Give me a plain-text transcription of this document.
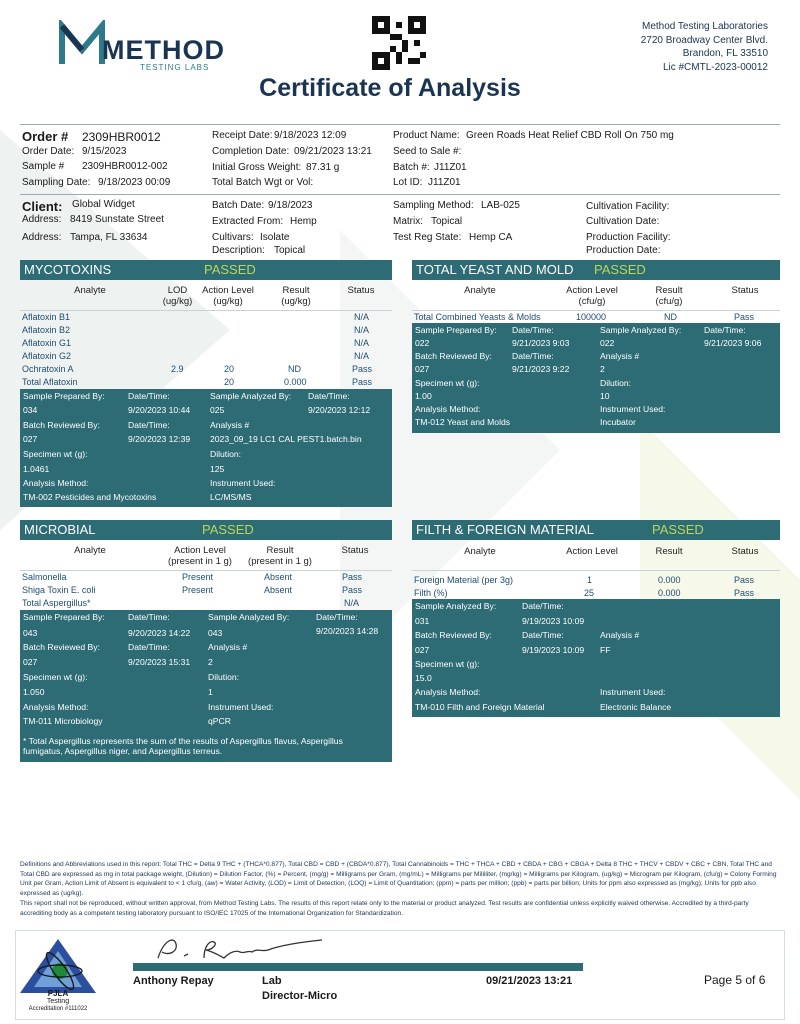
METHOD
TESTING LABS
Method Testing Laboratories
2720 Broadway Center Blvd.
Brandon, FL 33510
Lic #CMTL-2023-00012
Certificate of Analysis
Order # 2309HBR0012
Order Date: 9/15/2023
Sample # 2309HBR0012-002
Sampling Date: 9/18/2023 00:09
Receipt Date: 9/18/2023 12:09
Completion Date: 09/21/2023 13:21
Initial Gross Weight: 87.31 g
Total Batch Wgt or Vol:
Product Name: Green Roads Heat Relief CBD Roll On 750 mg
Seed to Sale #:
Batch #: J11Z01
Lot ID: J11Z01
Client: Global Widget
Address: 8419 Sunstate Street
Address: Tampa, FL 33634
Batch Date: 9/18/2023
Extracted From: Hemp
Cultivars: Isolate
Description: Topical
Sampling Method: LAB-025
Matrix: Topical
Test Reg State: Hemp CA
Cultivation Facility:
Cultivation Date:
Production Facility:
Production Date:
MYCOTOXINS	PASSED
Analyte	LOD
(ug/kg)
Action Level
(ug/kg)
Result
(ug/kg)
Status
Aflatoxin B1	N/A
Aflatoxin B2	N/A
Aflatoxin G1	N/A
Aflatoxin G2	N/A
Ochratoxin A	2.9	20	ND	Pass
Total Aflatoxin	20	0.000	Pass
Sample Prepared By:	Date/Time:	Sample Analyzed By: Date/Time:
034	9/20/2023 10:44 025	9/20/2023 12:12
Batch Reviewed By:	Date/Time:	Analysis #
027	9/20/2023 12:39 2023_09_19 LC1 CAL PEST1.batch.bin
Specimen wt (g):	Dilution:
1.0461	125
Analysis Method:	Instrument Used:
TM-002 Pesticides and Mycotoxins	LC/MS/MS
TOTAL YEAST AND MOLD PASSED
Analyte	Action Level
(cfu/g)
Result
(cfu/g)
Status
Total Combined Yeasts & Molds	100000	ND	Pass
Sample Prepared By: Date/Time:	Sample Analyzed By:	Date/Time:
022	9/21/2023 9:03	022	9/21/2023 9:06
Batch Reviewed By: Date/Time:	Analysis #
027	9/21/2023 9:22	2
Specimen wt (g):	Dilution:
1.00	10
Analysis Method:	Instrument Used:
TM-012 Yeast and Molds	Incubator
MICROBIAL	PASSED
Analyte	Action Level
(present in 1 g)
Result
(present in 1 g)
Status
Salmonella	Present	Absent	Pass
Shiga Toxin E. coli	Present	Absent	Pass
Total Aspergillus*	N/A
Sample Prepared By:	Date/Time:	Sample Analyzed By:	Date/Time:
043	9/20/2023 14:22 043	9/20/2023 14:28
Batch Reviewed By:	Date/Time:	Analysis #
027	9/20/2023 15:31 2
Specimen wt (g):	Dilution:
1.050	1
Analysis Method:	Instrument Used:
TM-011 Microbiology	qPCR
* Total Aspergillus represents the sum of the results of Aspergillus flavus, Aspergillus fumigatus, Aspergillus niger, and Aspergillus terreus.
FILTH & FOREIGN MATERIAL	PASSED
Analyte	Action Level	Result	Status
Foreign Material (per 3g)	1	0.000	Pass
Filth (%)	25	0.000	Pass
Sample Analyzed By:	Date/Time:
031	9/19/2023 10:09
Batch Reviewed By:	Date/Time:	Analysis #
027	9/19/2023 10:09 FF
Specimen wt (g):
15.0
Analysis Method:	Instrument Used:
TM-010 Filth and Foreign Material	Electronic Balance
Definitions and Abbreviations used in this report: Total THC = Delta 9 THC + (THCA*0.877), Total CBD = CBD + (CBDA*0.877), Total Cannabinoids = THC + THCA + CBD + CBDA + CBG + CBGA + Delta 8 THC + THCV + CBDV + CBC + CBN, Total THC and Total CBD are expressed as mg in total package weight, (Dilution) = Dilution Factor, (%) = Percent, (mg/g) = Milligrams per Gram, (mg/mL) = Milligrams per Milliliter, (mg/kg) = Milligrams per Kilogram, (ug/kg) = Microgram per Kilogram, (cfu/g) = Colony Forming Unit per Gram, Action Limit of Absent is equivalent to < 1 cfu/g, (aw) = Water Activity, (LOD) = Limit of Detection, (LOQ) = Limit of Quantitation; (ppm) = parts per million; (ppb) = parts per billion; Units for ppm also expressed as (mg/kg); Units for ppb also expressed as (ug/kg).
This report shall not be reproduced, without written approval, from Method Testing Labs. The results of this report relate only to the material or product analyzed. Test results are confidential unless explicitly waived otherwise. Accredited by a third-party accrediting body as a competent testing laboratory pursuant to ISO/IEC 17025 of the International Organization for Standardization.
PJLA
Testing
Accreditation #111022
Anthony Repay	Lab
Director-Micro
09/21/2023 13:21	Page 5 of 6
